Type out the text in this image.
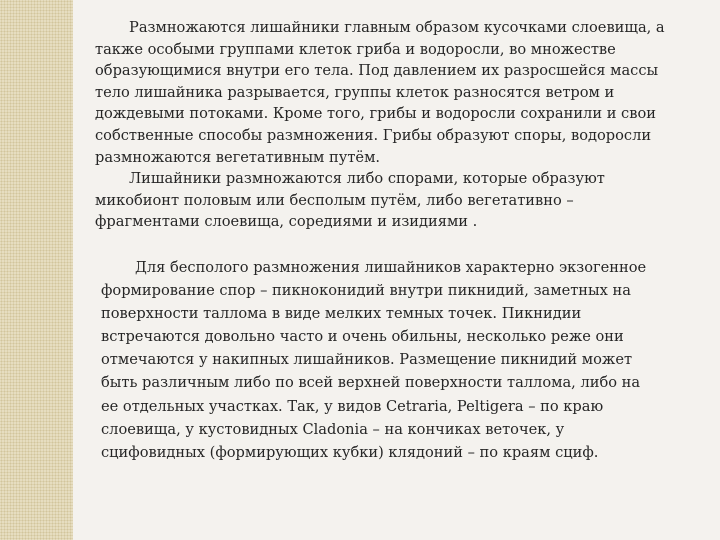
Размножаются лишайники главным образом кусочками слоевища, а
также особыми группами клеток гриба и водоросли, во множестве
образующимися внутри его тела. Под давлением их разросшейся массы
тело лишайника разрывается, группы клеток разносятся ветром и
дождевыми потоками. Кроме того, грибы и водоросли сохранили и свои
собственные способы размножения. Грибы образуют споры, водоросли
размножаются вегетативным путём.

Лишайники размножаются либо спорами, которые образуют
микобионт половым или бесполым путём, либо вегетативно –
фрагментами слоевища, соредиями и изидиями .

Для бесполого размножения лишайников характерно экзогенное
формирование спор – пикноконидий внутри пикнидий, заметных на
поверхности таллома в виде мелких темных точек. Пикнидии
встречаются довольно часто и очень обильны, несколько реже они
отмечаются у накипных лишайников. Размещение пикнидий может
быть различным либо по всей верхней поверхности таллома, либо на
ее отдельных участках. Так, у видов Cetraria, Peltigera – по краю
слоевища, у кустовидных Cladonia – на кончиках веточек, у
сцифовидных (формирующих кубки) клядоний – по краям сциф.
